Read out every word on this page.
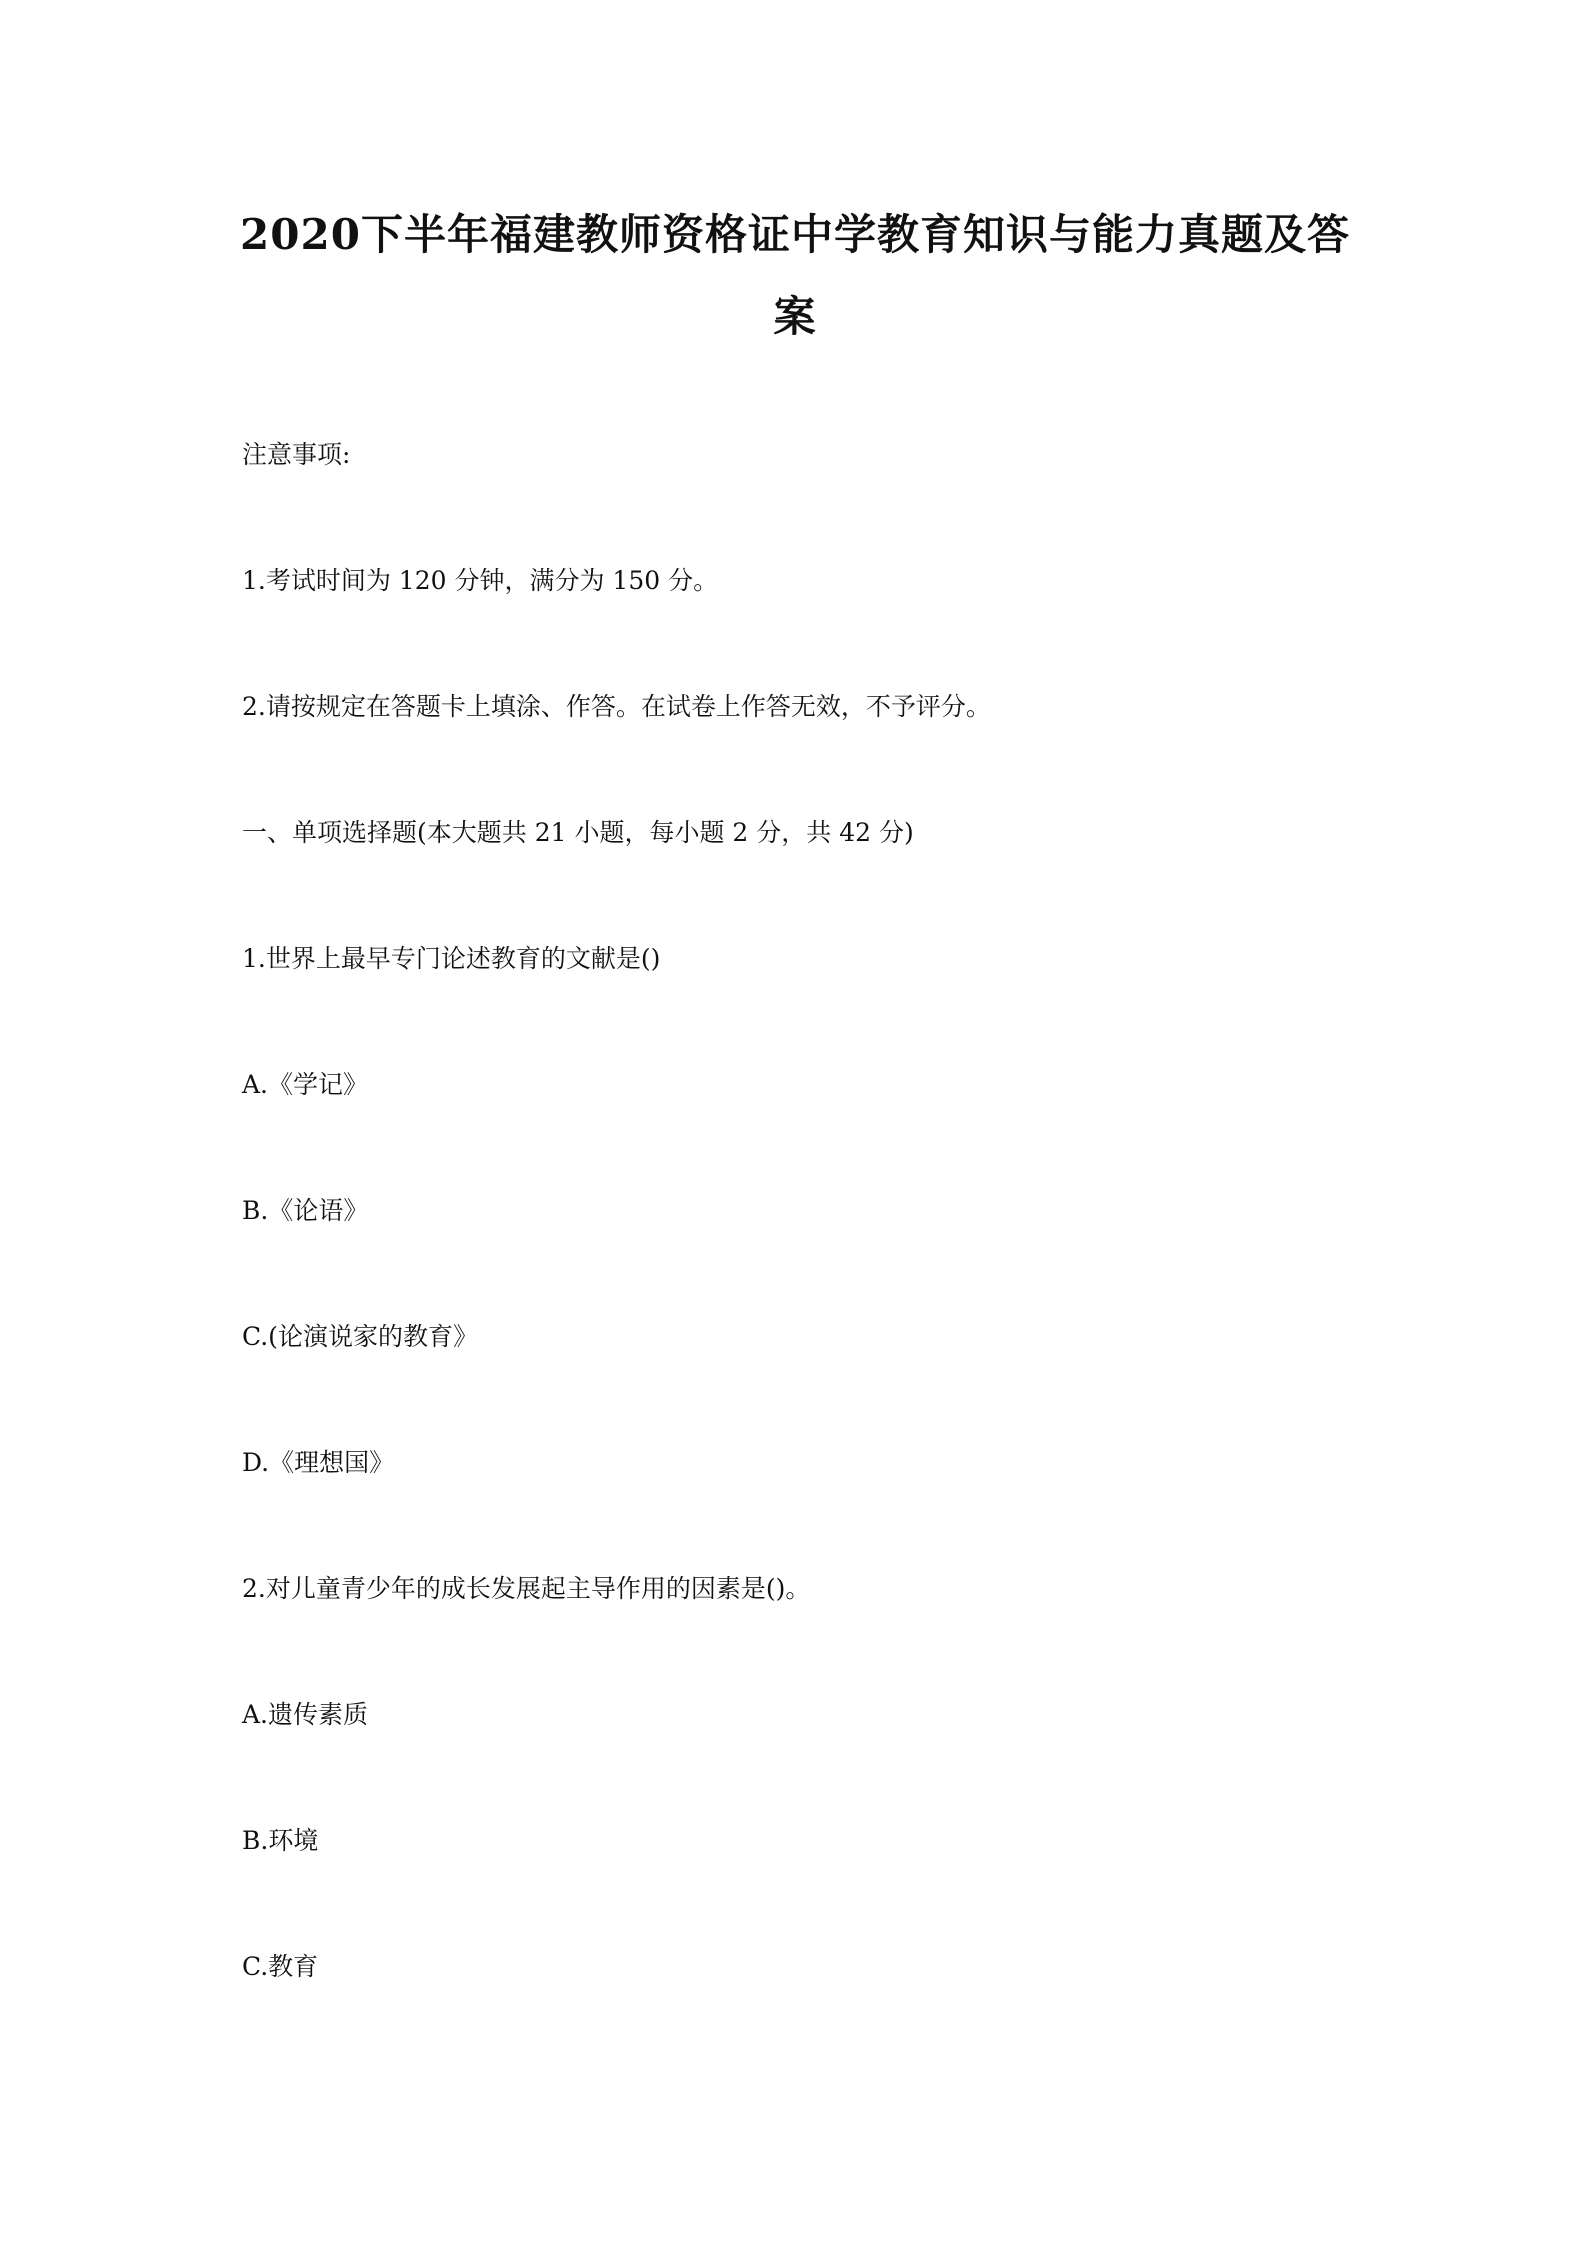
2020下半年福建教师资格证中学教育知识与能力真题及答
案
注意事项:
1.考试时间为 120 分钟，满分为 150 分。
2.请按规定在答题卡上填涂、作答。在试卷上作答无效，不予评分。
一、单项选择题(本大题共 21 小题，每小题 2 分，共 42 分)
1.世界上最早专门论述教育的文献是()
A.《学记》
B.《论语》
C.(论演说家的教育》
D.《理想国》
2.对儿童青少年的成长发展起主导作用的因素是()。
A.遗传素质
B.环境
C.教育
